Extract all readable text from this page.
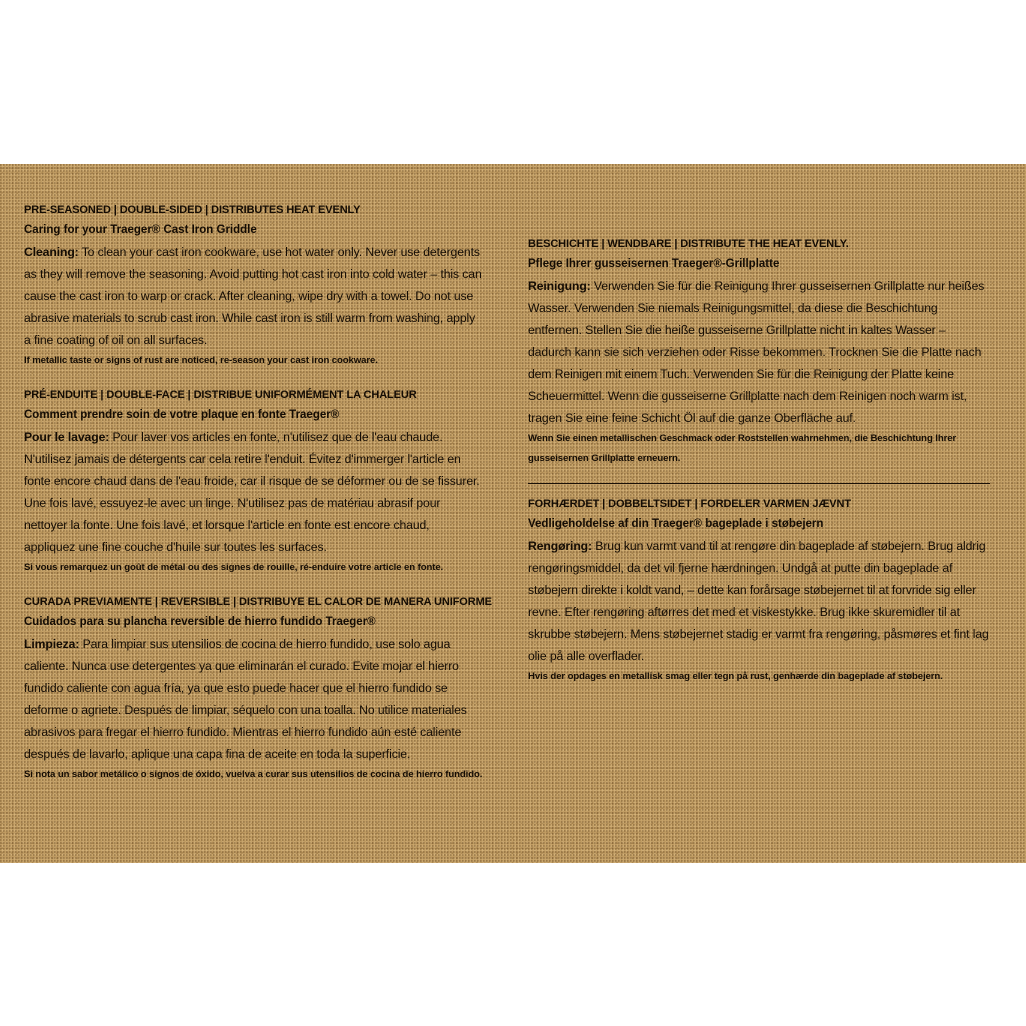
PRE-SEASONED | DOUBLE-SIDED | DISTRIBUTES HEAT EVENLY
Caring for your Traeger® Cast Iron Griddle
Cleaning: To clean your cast iron cookware, use hot water only. Never use detergents as they will remove the seasoning. Avoid putting hot cast iron into cold water – this can cause the cast iron to warp or crack. After cleaning, wipe dry with a towel. Do not use abrasive materials to scrub cast iron. While cast iron is still warm from washing, apply a fine coating of oil on all surfaces.
If metallic taste or signs of rust are noticed, re-season your cast iron cookware.
PRÉ-ENDUITE | DOUBLE-FACE | DISTRIBUE UNIFORMÉMENT LA CHALEUR
Comment prendre soin de votre plaque en fonte Traeger®
Pour le lavage: Pour laver vos articles en fonte, n'utilisez que de l'eau chaude. N'utilisez jamais de détergents car cela retire l'enduit. Évitez d'immerger l'article en fonte encore chaud dans de l'eau froide, car il risque de se déformer ou de se fissurer. Une fois lavé, essuyez-le avec un linge. N'utilisez pas de matériau abrasif pour nettoyer la fonte. Une fois lavé, et lorsque l'article en fonte est encore chaud, appliquez une fine couche d'huile sur toutes les surfaces.
Si vous remarquez un goût de métal ou des signes de rouille, ré-enduire votre article en fonte.
CURADA PREVIAMENTE | REVERSIBLE | DISTRIBUYE EL CALOR DE MANERA UNIFORME
Cuidados para su plancha reversible de hierro fundido Traeger®
Limpieza: Para limpiar sus utensilios de cocina de hierro fundido, use solo agua caliente. Nunca use detergentes ya que eliminarán el curado. Evite mojar el hierro fundido caliente con agua fría, ya que esto puede hacer que el hierro fundido se deforme o agriete. Después de limpiar, séquelo con una toalla. No utilice materiales abrasivos para fregar el hierro fundido. Mientras el hierro fundido aún esté caliente después de lavarlo, aplique una capa fina de aceite en toda la superficie.
Si nota un sabor metálico o signos de óxido, vuelva a curar sus utensilios de cocina de hierro fundido.
BESCHICHTE | WENDBARE | DISTRIBUTE THE HEAT EVENLY.
Pflege Ihrer gusseisernen Traeger®-Grillplatte
Reinigung: Verwenden Sie für die Reinigung Ihrer gusseisernen Grillplatte nur heißes Wasser. Verwenden Sie niemals Reinigungsmittel, da diese die Beschichtung entfernen. Stellen Sie die heiße gusseiserne Grillplatte nicht in kaltes Wasser – dadurch kann sie sich verziehen oder Risse bekommen. Trocknen Sie die Platte nach dem Reinigen mit einem Tuch. Verwenden Sie für die Reinigung der Platte keine Scheuermittel. Wenn die gusseiserne Grillplatte nach dem Reinigen noch warm ist, tragen Sie eine feine Schicht Öl auf die ganze Oberfläche auf.
Wenn Sie einen metallischen Geschmack oder Roststellen wahrnehmen, die Beschichtung Ihrer gusseisernen Grillplatte erneuern.
FORHÆRDET | DOBBELTSIDET | FORDELER VARMEN JÆVNT
Vedligeholdelse af din Traeger® bageplade i støbejern
Rengøring: Brug kun varmt vand til at rengøre din bageplade af støbejern. Brug aldrig rengøringsmiddel, da det vil fjerne hærdningen. Undgå at putte din bageplade af støbejern direkte i koldt vand, – dette kan forårsage støbejernet til at forvride sig eller revne. Efter rengøring aftørres det med et viskestykke. Brug ikke skuremidler til at skrubbe støbejern. Mens støbejernet stadig er varmt fra rengøring, påsmøres et fint lag olie på alle overflader.
Hvis der opdages en metallisk smag eller tegn på rust, genhærde din bageplade af støbejern.
